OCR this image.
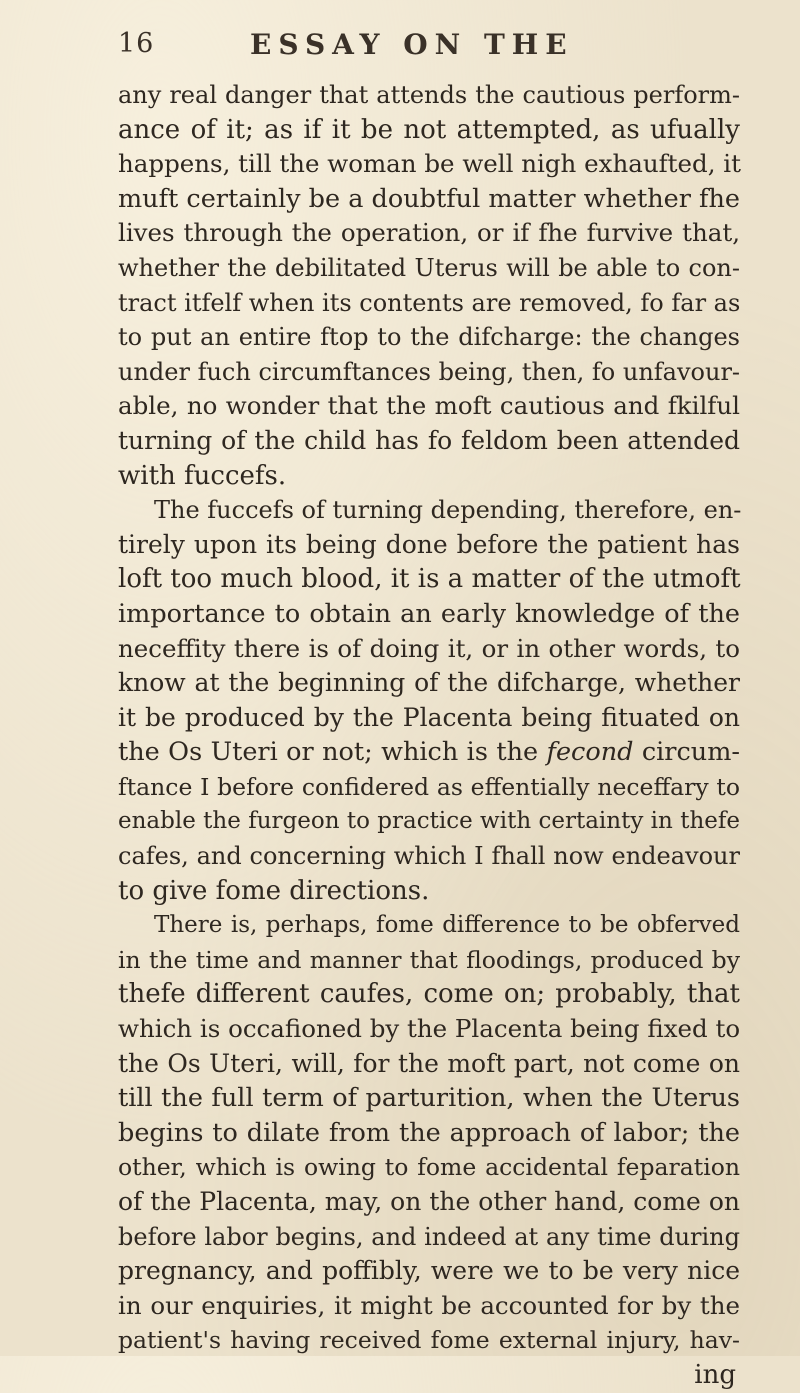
16	ESSAY ON THE
any real danger that attends the cautious perform-
ance of it; as if it be not attempted, as ufually
happens, till the woman be well nigh exhaufted, it
muft certainly be a doubtful matter whether fhe
lives through the operation, or if fhe furvive that,
whether the debilitated Uterus will be able to con-
tract itfelf when its contents are removed, fo far as
to put an entire ftop to the difcharge: the changes
under fuch circumftances being, then, fo unfavour-
able, no wonder that the moft cautious and fkilful
turning of the child has fo feldom been attended
with fuccefs.
The fuccefs of turning depending, therefore, en-
tirely upon its being done before the patient has
loft too much blood, it is a matter of the utmoft
importance to obtain an early knowledge of the
neceffity there is of doing it, or in other words, to
know at the beginning of the difcharge, whether
it be produced by the Placenta being fituated on
the Os Uteri or not; which is the fecond circum-
ftance I before confidered as effentially neceffary to
enable the furgeon to practice with certainty in thefe
cafes, and concerning which I fhall now endeavour
to give fome directions.
There is, perhaps, fome difference to be obferved
in the time and manner that floodings, produced by
thefe different caufes, come on; probably, that
which is occafioned by the Placenta being fixed to
the Os Uteri, will, for the moft part, not come on
till the full term of parturition, when the Uterus
begins to dilate from the approach of labor; the
other, which is owing to fome accidental feparation
of the Placenta, may, on the other hand, come on
before labor begins, and indeed at any time during
pregnancy, and poffibly, were we to be very nice
in our enquiries, it might be accounted for by the
patient's having received fome external injury, hav-
ing
